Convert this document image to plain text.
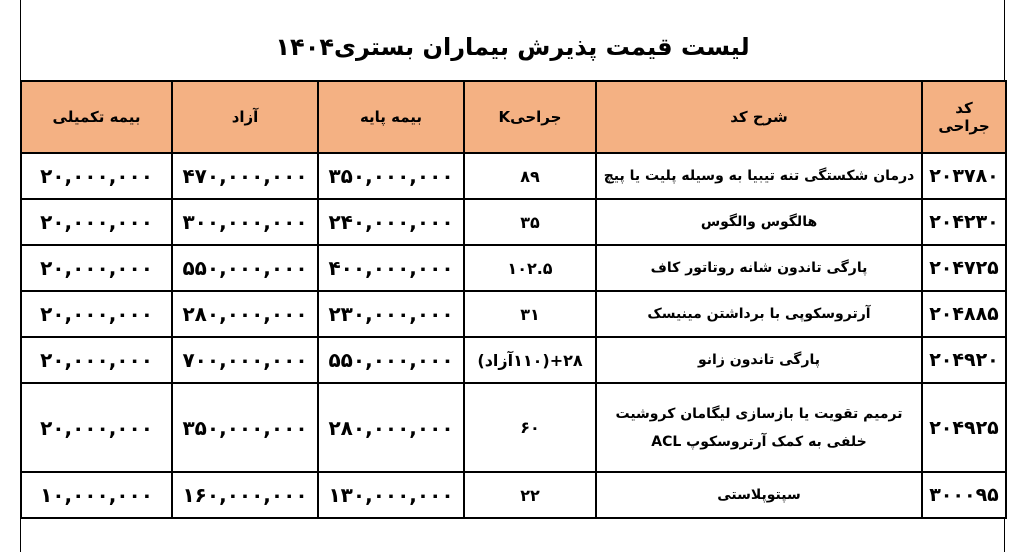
لیست قیمت پذیرش بیماران بستری۱۴۰۴
کد جراحی	شرح کد	جراحیK	بیمه پایه	آزاد	بیمه تکمیلی
۲۰۳۷۸۰	درمان شکستگی تنه تیبیا به وسیله پلیت یا پیچ	۸۹	۳۵۰,۰۰۰,۰۰۰	۴۷۰,۰۰۰,۰۰۰	۲۰,۰۰۰,۰۰۰
۲۰۴۲۳۰	هالگوس والگوس	۳۵	۲۴۰,۰۰۰,۰۰۰	۳۰۰,۰۰۰,۰۰۰	۲۰,۰۰۰,۰۰۰
۲۰۴۷۲۵	پارگی تاندون شانه روتاتور کاف	۱۰۲.۵	۴۰۰,۰۰۰,۰۰۰	۵۵۰,۰۰۰,۰۰۰	۲۰,۰۰۰,۰۰۰
۲۰۴۸۸۵	آرتروسکوپی با برداشتن مینیسک	۳۱	۲۳۰,۰۰۰,۰۰۰	۲۸۰,۰۰۰,۰۰۰	۲۰,۰۰۰,۰۰۰
۲۰۴۹۲۰	پارگی تاندون زانو	۲۸+(۱۱۰آزاد)	۵۵۰,۰۰۰,۰۰۰	۷۰۰,۰۰۰,۰۰۰	۲۰,۰۰۰,۰۰۰
۲۰۴۹۲۵	ترمیم تقویت یا بازسازی لیگامان کروشیت خلفی به کمک آرتروسکوپ ACL	۶۰	۲۸۰,۰۰۰,۰۰۰	۳۵۰,۰۰۰,۰۰۰	۲۰,۰۰۰,۰۰۰
۳۰۰۰۹۵	سپتوپلاستی	۲۲	۱۳۰,۰۰۰,۰۰۰	۱۶۰,۰۰۰,۰۰۰	۱۰,۰۰۰,۰۰۰
